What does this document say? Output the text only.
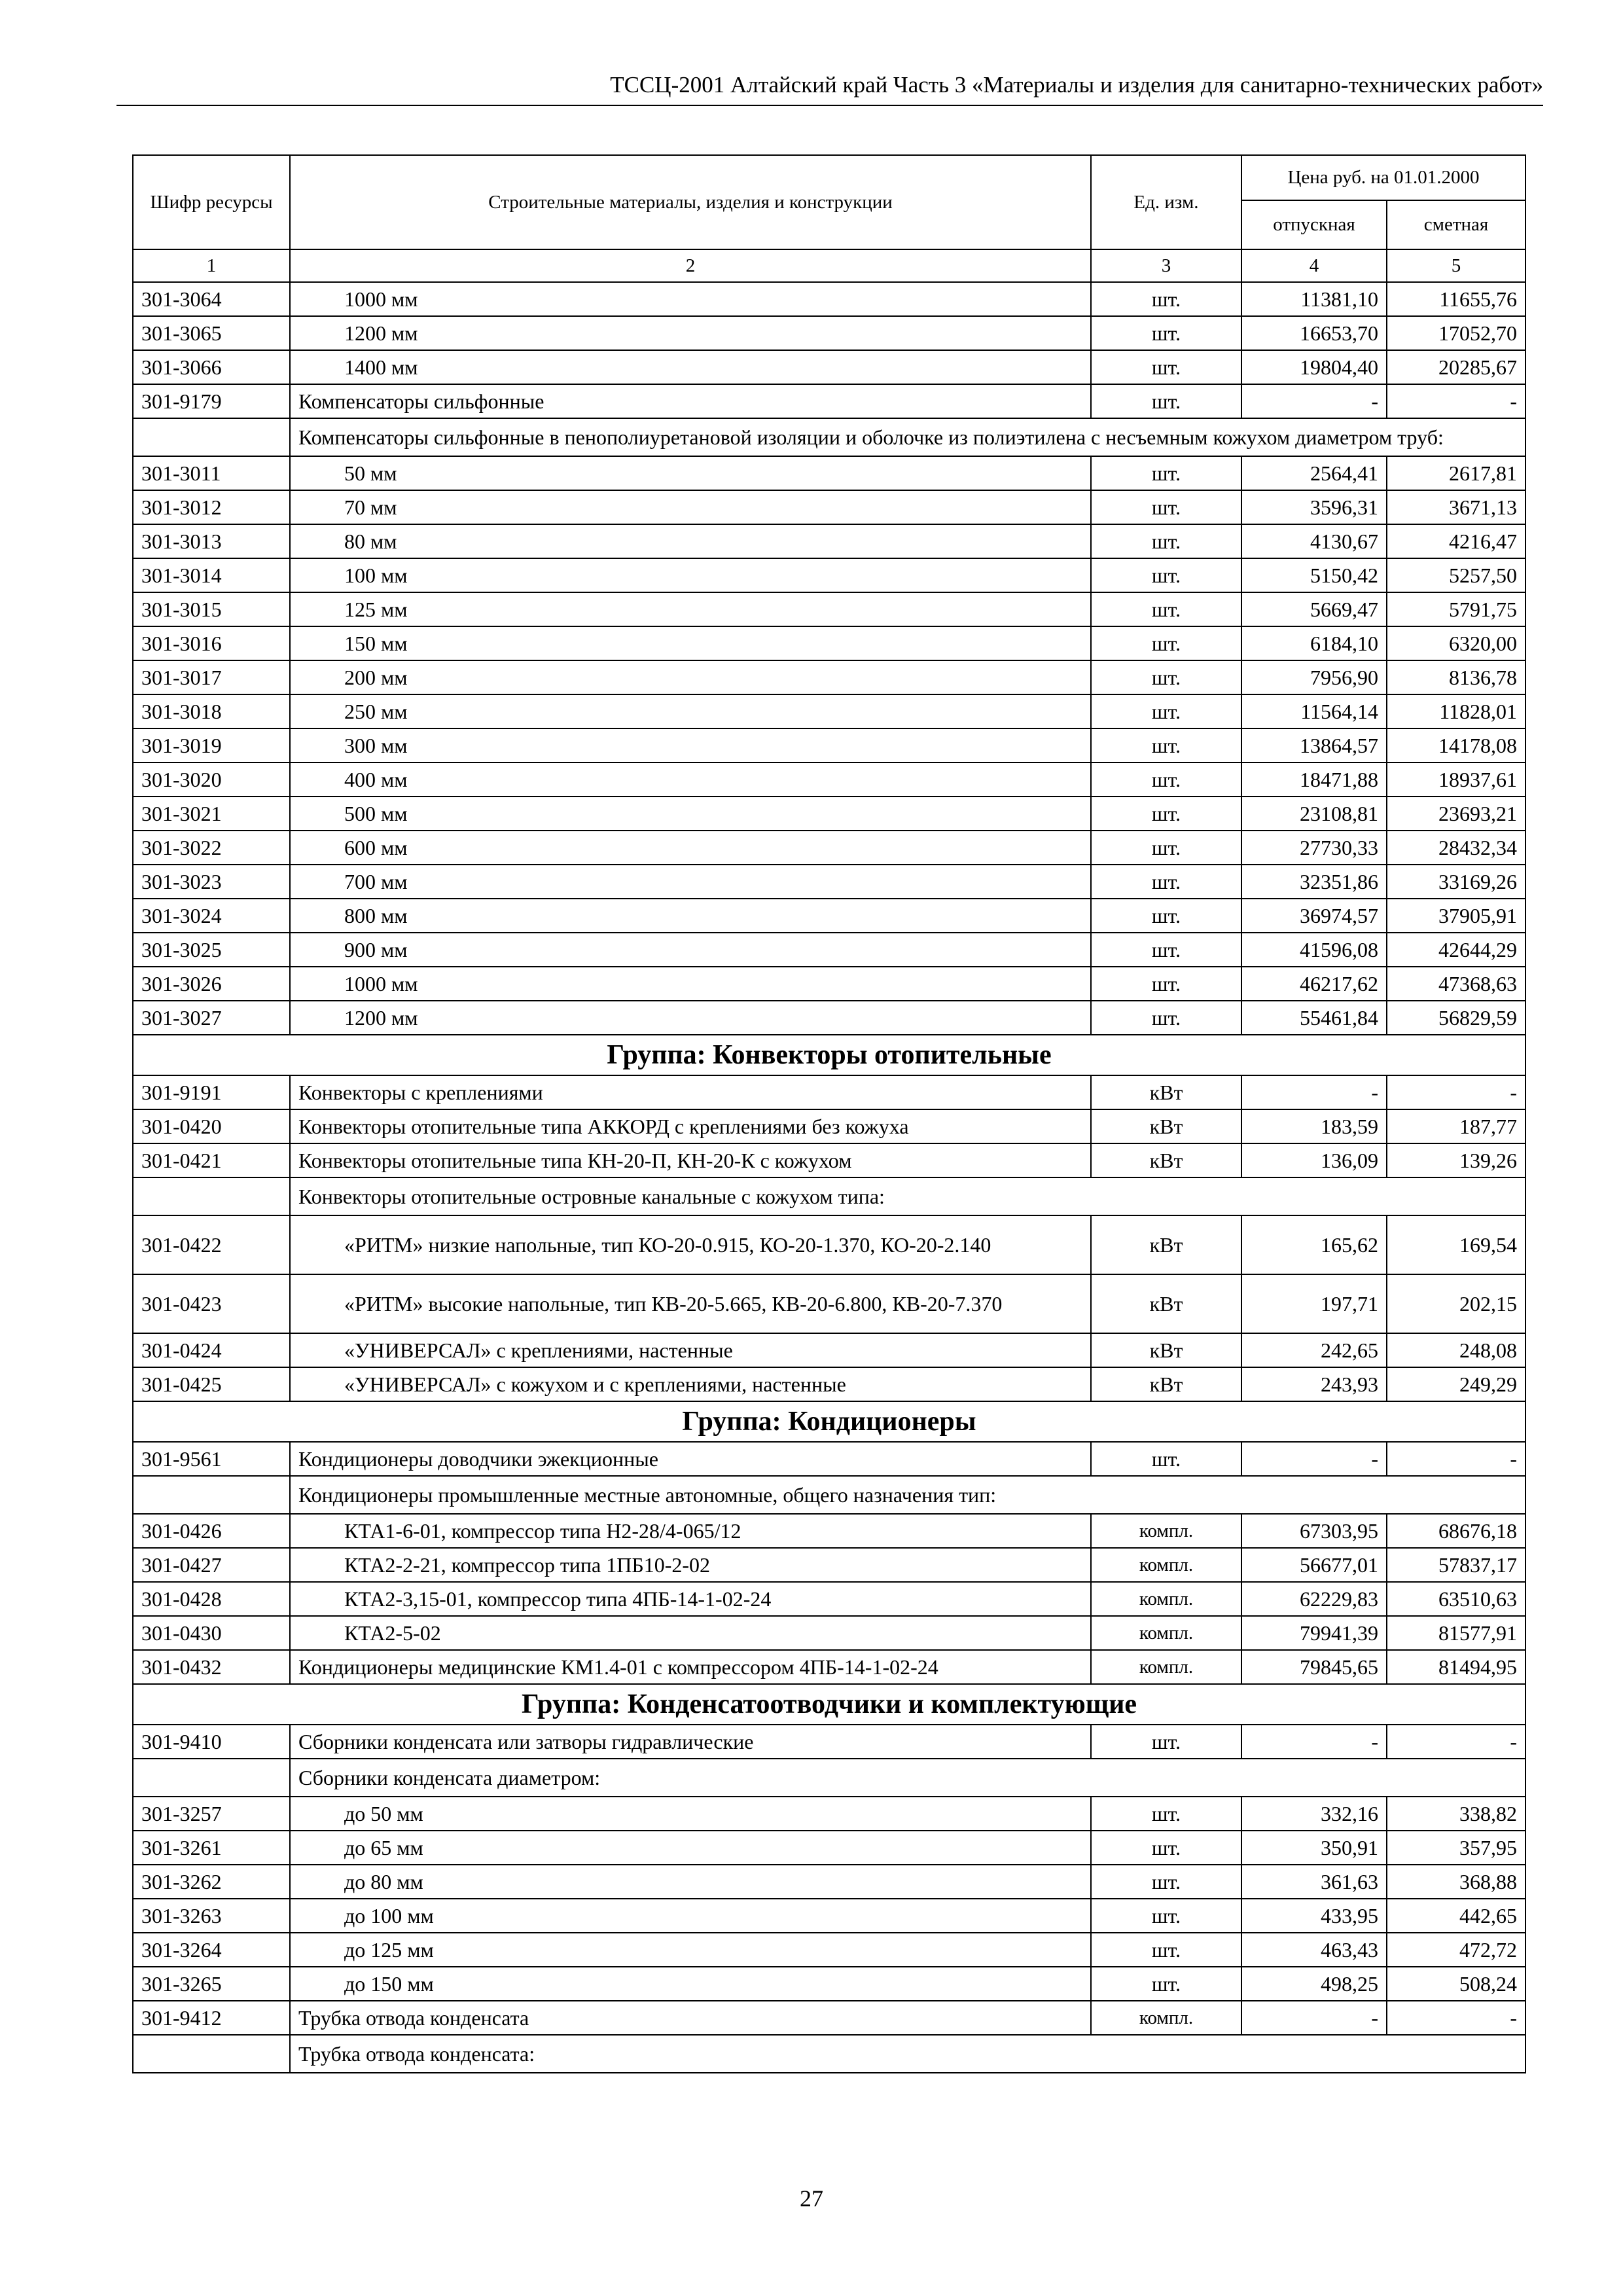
ТССЦ-2001 Алтайский край Часть 3 «Материалы и изделия для санитарно-технических работ»
Шифр ресурсы	Строительные материалы, изделия и конструкции	Ед. изм.	Цена руб. на 01.01.2000	
			отпускная	сметная
1	2	3	4	5
301-3064	1000 мм	шт.	11381,10	11655,76
301-3065	1200 мм	шт.	16653,70	17052,70
301-3066	1400 мм	шт.	19804,40	20285,67
301-9179	Компенсаторы сильфонные	шт.	-	-
	Компенсаторы сильфонные в пенополиуретановой изоляции и оболочке из полиэтилена с несъемным кожухом диаметром труб:			
301-3011	50 мм	шт.	2564,41	2617,81
301-3012	70 мм	шт.	3596,31	3671,13
301-3013	80 мм	шт.	4130,67	4216,47
301-3014	100 мм	шт.	5150,42	5257,50
301-3015	125 мм	шт.	5669,47	5791,75
301-3016	150 мм	шт.	6184,10	6320,00
301-3017	200 мм	шт.	7956,90	8136,78
301-3018	250 мм	шт.	11564,14	11828,01
301-3019	300 мм	шт.	13864,57	14178,08
301-3020	400 мм	шт.	18471,88	18937,61
301-3021	500 мм	шт.	23108,81	23693,21
301-3022	600 мм	шт.	27730,33	28432,34
301-3023	700 мм	шт.	32351,86	33169,26
301-3024	800 мм	шт.	36974,57	37905,91
301-3025	900 мм	шт.	41596,08	42644,29
301-3026	1000 мм	шт.	46217,62	47368,63
301-3027	1200 мм	шт.	55461,84	56829,59
Группа: Конвекторы отопительные				
301-9191	Конвекторы с креплениями	кВт	-	-
301-0420	Конвекторы отопительные типа АККОРД с креплениями без кожуха	кВт	183,59	187,77
301-0421	Конвекторы отопительные типа КН-20-П, КН-20-К с кожухом	кВт	136,09	139,26
	Конвекторы отопительные островные канальные с кожухом типа:			
301-0422	«РИТМ» низкие напольные, тип КО-20-0.915, КО-20-1.370, КО-20-2.140	кВт	165,62	169,54
301-0423	«РИТМ» высокие напольные, тип КВ-20-5.665, КВ-20-6.800, КВ-20-7.370	кВт	197,71	202,15
301-0424	«УНИВЕРСАЛ» с креплениями, настенные	кВт	242,65	248,08
301-0425	«УНИВЕРСАЛ» с кожухом и с креплениями, настенные	кВт	243,93	249,29
Группа: Кондиционеры				
301-9561	Кондиционеры доводчики эжекционные	шт.	-	-
	Кондиционеры промышленные местные автономные, общего назначения тип:			
301-0426	КТА1-6-01, компрессор типа Н2-28/4-065/12	компл.	67303,95	68676,18
301-0427	КТА2-2-21, компрессор типа 1ПБ10-2-02	компл.	56677,01	57837,17
301-0428	КТА2-3,15-01, компрессор типа 4ПБ-14-1-02-24	компл.	62229,83	63510,63
301-0430	КТА2-5-02	компл.	79941,39	81577,91
301-0432	Кондиционеры медицинские КМ1.4-01 с компрессором 4ПБ-14-1-02-24	компл.	79845,65	81494,95
Группа: Конденсатоотводчики и комплектующие				
301-9410	Сборники конденсата или затворы гидравлические	шт.	-	-
	Сборники конденсата диаметром:			
301-3257	до 50 мм	шт.	332,16	338,82
301-3261	до 65 мм	шт.	350,91	357,95
301-3262	до 80 мм	шт.	361,63	368,88
301-3263	до 100 мм	шт.	433,95	442,65
301-3264	до 125 мм	шт.	463,43	472,72
301-3265	до 150 мм	шт.	498,25	508,24
301-9412	Трубка отвода конденсата	компл.	-	-
	Трубка отвода конденсата:			
27
